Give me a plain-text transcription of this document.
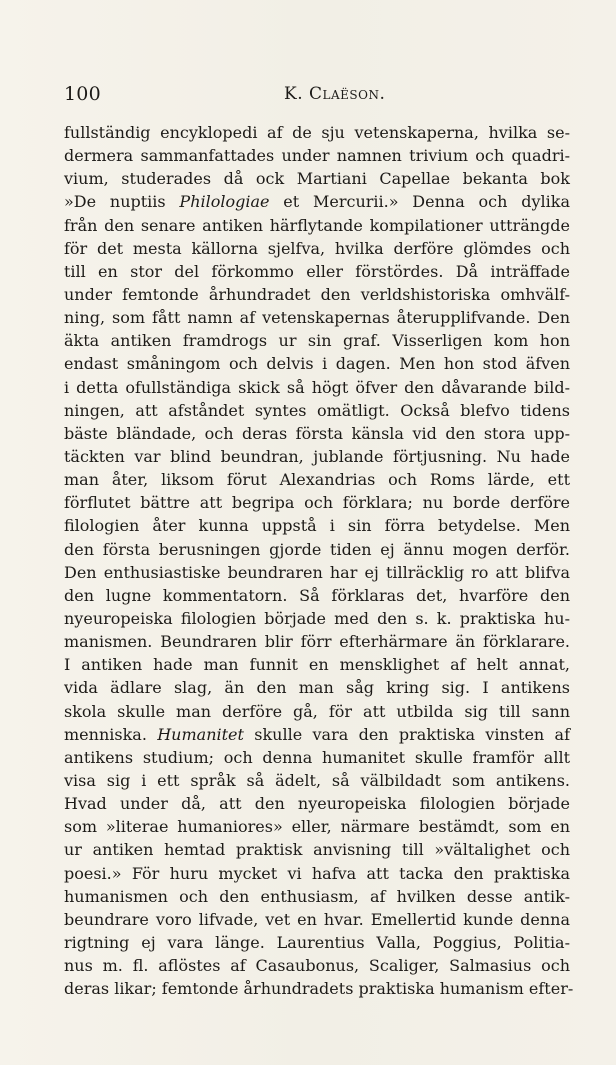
100	K. Claëson.
fullständig encyklopedi af de sju vetenskaperna, hvilka se-
dermera sammanfattades under namnen trivium och quadri-
vium, studerades då ock Martiani Capellae bekanta bok
»De nuptiis Philologiae et Mercurii.» Denna och dylika
från den senare antiken härflytande kompilationer utträngde
för det mesta källorna sjelfva, hvilka derföre glömdes och
till en stor del förkommo eller förstördes. Då inträffade
under femtonde århundradet den verldshistoriska omhvälf-
ning, som fått namn af vetenskapernas återupplifvande. Den
äkta antiken framdrogs ur sin graf. Visserligen kom hon
endast småningom och delvis i dagen. Men hon stod äfven
i detta ofullständiga skick så högt öfver den dåvarande bild-
ningen, att afståndet syntes omätligt. Också blefvo tidens
bäste bländade, och deras första känsla vid den stora upp-
täckten var blind beundran, jublande förtjusning. Nu hade
man åter, liksom förut Alexandrias och Roms lärde, ett
förflutet bättre att begripa och förklara; nu borde derföre
filologien åter kunna uppstå i sin förra betydelse. Men
den första berusningen gjorde tiden ej ännu mogen derför.
Den enthusiastiske beundraren har ej tillräcklig ro att blifva
den lugne kommentatorn. Så förklaras det, hvarföre den
nyeuropeiska filologien började med den s. k. praktiska hu-
manismen. Beundraren blir förr efterhärmare än förklarare.
I antiken hade man funnit en mensklighet af helt annat,
vida ädlare slag, än den man såg kring sig. I antikens
skola skulle man derföre gå, för att utbilda sig till sann
menniska. Humanitet skulle vara den praktiska vinsten af
antikens studium; och denna humanitet skulle framför allt
visa sig i ett språk så ädelt, så välbildadt som antikens.
Hvad under då, att den nyeuropeiska filologien började
som »literae humaniores» eller, närmare bestämdt, som en
ur antiken hemtad praktisk anvisning till »vältalighet och
poesi.» För huru mycket vi hafva att tacka den praktiska
humanismen och den enthusiasm, af hvilken desse antik-
beundrare voro lifvade, vet en hvar. Emellertid kunde denna
rigtning ej vara länge. Laurentius Valla, Poggius, Politia-
nus m. fl. aflöstes af Casaubonus, Scaliger, Salmasius och
deras likar; femtonde århundradets praktiska humanism efter-
